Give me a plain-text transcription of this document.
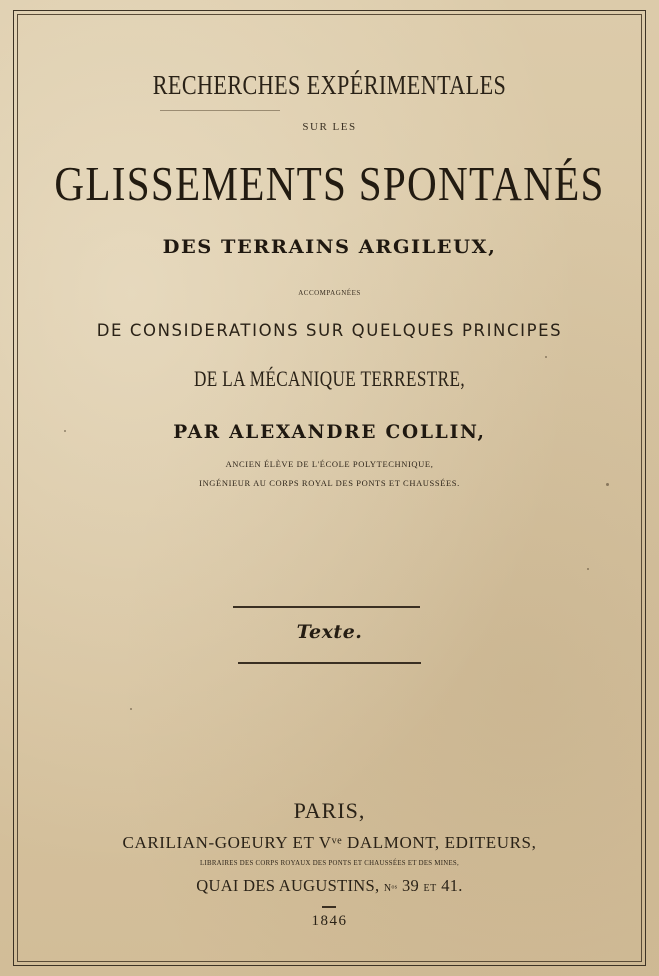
RECHERCHES EXPÉRIMENTALES
SUR LES
GLISSEMENTS SPONTANÉS
DES TERRAINS ARGILEUX,
ACCOMPAGNÉES
DE CONSIDERATIONS SUR QUELQUES PRINCIPES
DE LA MÉCANIQUE TERRESTRE,
PAR ALEXANDRE COLLIN,
ANCIEN ÉLÈVE DE L'ÉCOLE POLYTECHNIQUE,
INGÉNIEUR AU CORPS ROYAL DES PONTS ET CHAUSSÉES.
Texte.
PARIS,
CARILIAN-GOEURY ET Vᵛᵉ DALMONT, EDITEURS,
LIBRAIRES DES CORPS ROYAUX DES PONTS ET CHAUSSÉES ET DES MINES,
QUAI DES AUGUSTINS, Nᵒˢ 39 ET 41.
1846
